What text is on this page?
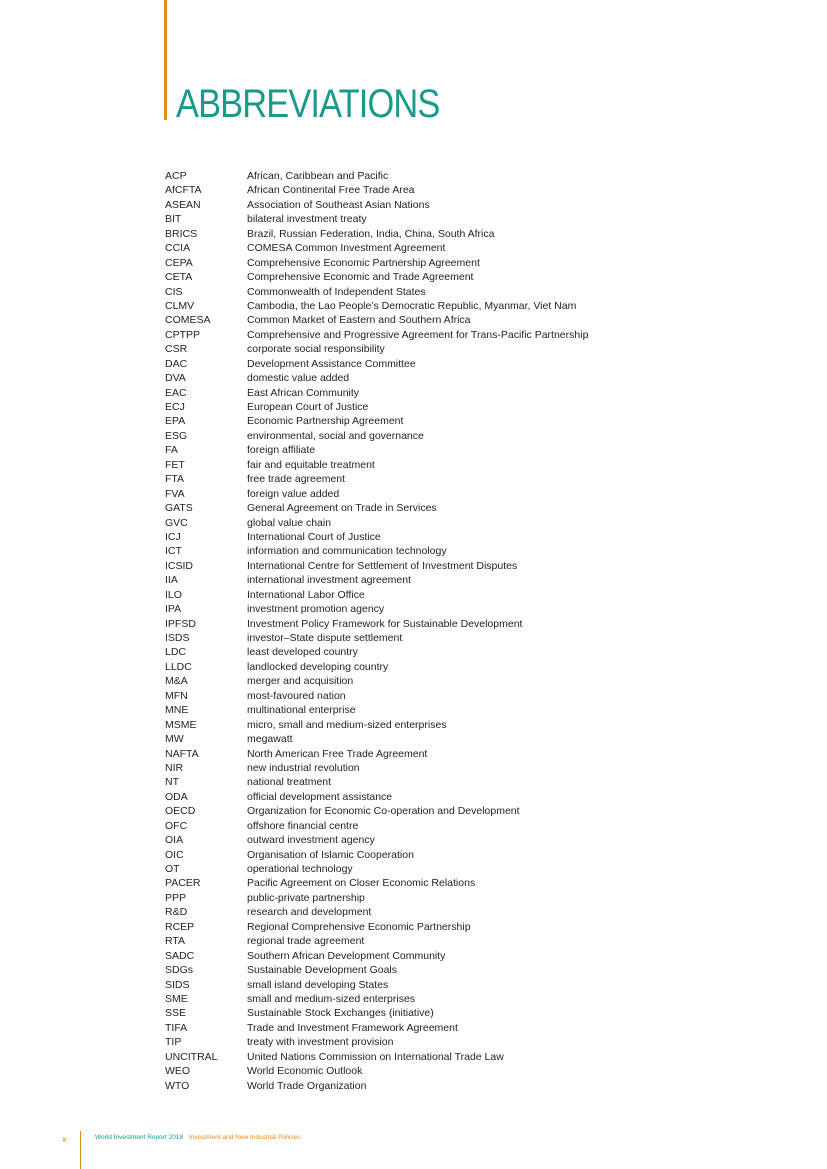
ABBREVIATIONS
ACP	African, Caribbean and Pacific
AfCFTA	African Continental Free Trade Area
ASEAN	Association of Southeast Asian Nations
BIT	bilateral investment treaty
BRICS	Brazil, Russian Federation, India, China, South Africa
CCIA	COMESA Common Investment Agreement
CEPA	Comprehensive Economic Partnership Agreement
CETA	Comprehensive Economic and Trade Agreement
CIS	Commonwealth of Independent States
CLMV	Cambodia, the Lao People’s Democratic Republic, Myanmar, Viet Nam
COMESA	Common Market of Eastern and Southern Africa
CPTPP	Comprehensive and Progressive Agreement for Trans-Pacific Partnership
CSR	corporate social responsibility
DAC	Development Assistance Committee
DVA	domestic value added
EAC	East African Community
ECJ	European Court of Justice
EPA	Economic Partnership Agreement
ESG	environmental, social and governance
FA	foreign affiliate
FET	fair and equitable treatment
FTA	free trade agreement
FVA	foreign value added
GATS	General Agreement on Trade in Services
GVC	global value chain
ICJ	International Court of Justice
ICT	information and communication technology
ICSID	International Centre for Settlement of Investment Disputes
IIA	international investment agreement
ILO	International Labor Office
IPA	investment promotion agency
IPFSD	Investment Policy Framework for Sustainable Development
ISDS	investor–State dispute settlement
LDC	least developed country
LLDC	landlocked developing country
M&A	merger and acquisition
MFN	most-favoured nation
MNE	multinational enterprise
MSME	micro, small and medium-sized enterprises
MW	megawatt
NAFTA	North American Free Trade Agreement
NIR	new industrial revolution
NT	national treatment
ODA	official development assistance
OECD	Organization for Economic Co-operation and Development
OFC	offshore financial centre
OIA	outward investment agency
OIC	Organisation of Islamic Cooperation
OT	operational technology
PACER	Pacific Agreement on Closer Economic Relations
PPP	public-private partnership
R&D	research and development
RCEP	Regional Comprehensive Economic Partnership
RTA	regional trade agreement
SADC	Southern African Development Community
SDGs	Sustainable Development Goals
SIDS	small island developing States
SME	small and medium-sized enterprises
SSE	Sustainable Stock Exchanges (initiative)
TIFA	Trade and Investment Framework Agreement
TIP	treaty with investment provision
UNCITRAL	United Nations Commission on International Trade Law
WEO	World Economic Outlook
WTO	World Trade Organization
x	World Investment Report 2018 Investment and New Industrial Policies
